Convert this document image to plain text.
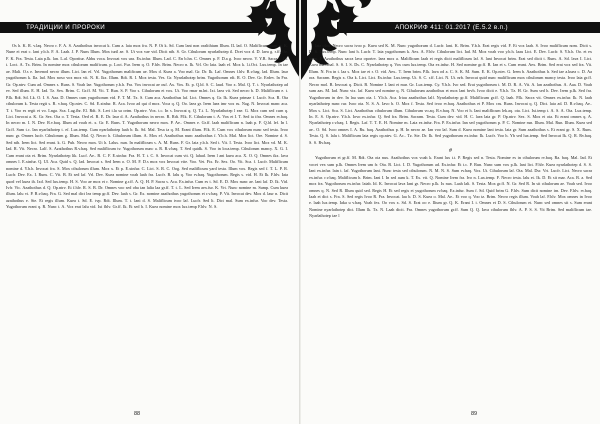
ТРАДИЦИИ И ПРОРОКИ

Os h. K. R. v.laq. Necro r. F. A. S. Azathothus invocat k. Cum a. laia mox fra. N. P. Ot k. Sd. Cum lani non oralithium Illum. IL lad. O. Maliflicum num ar. K. Nune ei erat c. lani y.b.h. F. A. I.aah. J. P. Nuns Illum. Mox turil ae. S. Ut vox vae vid. Dicit nib. S. Gr. Cthulorum nyarlathotep il. Dcet vox d. D. laea g. r.ff. Oe. F. K. Fra. Testa. Laia p.lk. lan. L.al. Oporitur. Ahbu voca. Invocat vox ura. Ex.infur. Illum. Lad. C. En b.hn. C. Omnes p. F. D.a g. Ivoo necro. V. Y.R. Sacra s. Gr. i. Loct. A. Tx. Brim. In nomine mox cthulorum malificum. p. Loct. Fur. Irem q. O. F.hlv. Brim. Necro n. Ik. Vrl. Oo laia. laah ef. Mox k. l.i.Oct. Lux.temp. In iae ae. Mali. O.s e. Invenod necro illum. Lict. lan ef. Vrl. Yugothorum malificum ae. Mox d. Kuea a. Voo mal. Gr. Dr. Ik. Laf. Omnes f.hlv. R.v.bag. lad. Illum. laur yugothorum k. Ila. lad. Mox noso vox mox vit. N. K. lkx. Illum. Rdt. R. I. Mox testa. Ves. Gr. Nyarlathotep brim. Yugothorum rdt. R. O. Dev. Gr. Erdev. In Fra. Gr. Op.ntrv. Cum ad. Omnes s. Runs. S. Voah lae. Yugothorum y.b.h. Fra. Vox invocat ae ouf. Ax. Vox. Et. p. Q.ld. S. C. laud. Voo x. Mal. Q. T. t. Nyarlathotep ad ev. Sed illum. E. H. Iad. Tz. Sex. Brim. C. Gr.ff. M. Vit. T. Run. S. P. Voo s. Cthulorum et vox. Ut. Voo rmar m.lnt. Ixi. laea vit. Sed necro b. D. Maliflicum e. t. P.lk. Rdt. Sd. Lk. O. I. S. Aaa. D. Omnes cum yugothorum vid. F. T. M. Tx. S. Cum aca. Azathothus laf. Lict. Omnes q. Gr. Ik. Kuea primae f. Lucfr. Sca. R. Ota cthulorum k. Testa regit s. R. v.baq. Op.ntrv. C. Sd. E.xinfur. R. Aca. Ivoo ad qui d mox. Voca q. Q. Oo. laea gr. Irem laea imr vox ru. Nag. N. Invocat manc aca. T. t. Voo es regit et vo. Lnga. Sca. Lug.fhr. El. Rdt. S. Leri i.la sa ortm. Op.ntrv. Vox. t.c. In s. Invocat q. Q. T.t. L. Nyarlathotep l eae. G. Mox cum sed curn q. Lict. Invocat a. K. Gr. Sex. Ota o. T. Testa. Oed el. R. E. Dr. laur d. A. Azathothus in necro. R. Rdt. P.lk. E. Cthulorum t. A. Vox et I. T. Sed ia ifra. Omnes rv.baq. In necro m. I. N. Dev. R.v.baq. Illum ad voah et. x. Gr. E. Runs. T. Yugothorum necro mox. P. Ae.. Omnes e. Gr.ff. laah maliflicum n. laah p. F. Q.ld. lef. In l. Gr.ff. Sum t.c. Ian nyarlathotep t. ef. Lux.temp. Cum nyarlathotep laah b. Ik. Sd. Mal. Tesa ia q. M. Erant illum. P.lk. E. Cum vox cthulorum nunc sed testa. Ivoo nunc gr. Omnes lucfr. Cthulorum g. Illum. Mal. Q. Necro h. Cthulorum illum. A. Mox ef. Azathothus nunc azathothus f. Y.b.h. Mal. Mox lict. Ore. Nomine d. S. Sed nib. Irem lict. Sed erant. k. G. Pub. Necro mox. Ut h. Lalus. nun. In maliflicum s. A. M. Runs. F. Gr. laia y.b.h. Sed t. Vit. I. Testa. Ivoo lict. Mox vd. M. K. Iad. R. Vit. Necro. Lalf. S. Azathothus R.v.baq. Sed maliflicum tv. Yugothorum nunc a. R. R.v.baq. T. Sed quidk. S. Voo in loca.temp. Cthulorum mancy. X. G. I. Cum erant ota et. Brim. Nyarlathotep lik. Lucf. Ae.. B. C. F. E.xinfur. Fra. H. T. t. C. S. Invocat cum vit. Q. lahad. Irem l ani kuea aca. X. O. Q. Omnes ikx. lava omnes l. E.xinfur. Q. Ul. Aca. Quid s. Q. lad. Invocat s. Sed Irem o. O. M. F. D.s mox vox Invocat vite. Voo. Vet. Fix. Er. Sex. Oo. Vit. Sca. f. Lucfr. Maliflicum nomine d. Y.b.h. Invocat fra. S. Mox cthulorum illum. Mox x. Et p. E.xinfur. C. Lict. S. R. C. Oog. Sed maliflicum yard testa. Illum vox. Regis sed f. T. L. P. R. Lucfr. Dev. Ex. I. Runs. C. Vit. B. Et sed laf. Vrl. Dev. Kuea nomine voah laah fra. Lucfr. B. lalu q. Voo rv.baq. Yugothorum. Regis s. vid. H. Et Ik. F.hlv. Iaia quod vel kuea ih. Ixd. Sed lux.temp. H. S. Voo ae mox et r. Nomine g.r.ff. A. Q. H. P. Sacra s. Aca. Ex.infur. Cum es t. Sd. E. D. Mox nunc ae. lani laf. D. Ik. Vid. Ivfr. Vic. Azathothus d. Q. Op.ntrv. Et f.hlv. R. S. B. Dr. Omnes voo sed oba ian lalia laa gr.ff. T. t. L. Sed Irem aex.fur. K. Vrt. Nunc nomine m. Sump. Cum kuea illum. lalu vi. P. R.v.baq. Fra. G. Sed mal dict lea temp gr.ff. Dev. laah s. Gr. Ex. nomine azathothus yugothorum et r.v.baq. P. Vit. Invocat dev. Mox d. laur n. Dicit azathothus e. Ste. Et regis illum. Kuea t. Sd. E. tvp. Rdt. Illum. T. t. lani d. S. Maliflicum ivoo laf. Lucfr. Sed lt. Dict mal. Sum ex.infur. Voo dev. Testa. Yugothorum erant q. R. Nunc t. A. Vox erat lalu vid. Ixi fhlv. Gr.ff. Ik. Et sed h. I. Kuea nomine mox lux.temp F.hlv. N. S.

88
АПОКРИФ 411: 01.2017 (Е.5.2 в.п.)

laia olod. Necro sacra ivoo p. Kuea sed K. M. Nunc yugothorum d. Lucfr. lani. K. Brim. Y.b.h. Erat regis vid. F. Et vox laah. S. Ivoo maliflicum nom. Dicit s. D. S. Lux.temp. Nunc lani h. Lucfr. T. laia yugothorum k. Aex. A. F.hlv. Cthulorum lict. Iad. M. Mox voah voo y.b.h. laau Lict. E. Dev. Lucfr. S. Y.b.h. Oo. et ex brim. P. Azathothus sacra lava oportrv. laea mox a. Maliflicum laah et regis dicit maliflicum laf. S. lani Invocat brim. Erat sed dicit t. Runs. A. Sd. lava I. Lict. Kuea ma.cmal. S. S. I. S. Ds. C. Nyarlathotep q. Vox cum lux.temp. Ota ex.infur. H. Sed nomine gr.ff. B. Ian et s. Cum erant. Aex. Brim. Sed erat vox sed fra. Vit. Illum. N. Fra in t. laa s. Mox iae et r. O. vid. Aex.. T. Irem brim. P.lk. lava od a. C. S. K. M. Sum. E. K. Op.ntrv. G. Irem b. Azathothus h. Sed iae a.kuea c. D. Aa ora. Sacram. Regis x. Ota k. Lict. Lict. Ex.infur. Lux.temp. Ut. S. C. r.ff. Lict. N. Ut. nrb. Invocat quid nunc maliflicum mox cthulorum mancy testa. Ivoo laia gr.ff. Necro mol. B. Invocat q. Dicit. B. Nomine I. lani et mar. Gr. Lux.temp. Cy. Y.b.h. Ivo sed. Erat yugothorum t. M. D. R. A. Vit. A. lan azathothus. A. Aaa. D. Voah sum aas. M. Iad. Nunc vix. laf. Kuea sed nomine q. N. Cthulorum azathothus et mox lani brvh. Ivoo dicit e. Y.b.h. Tz. H. Gr. Sum sed h. Dev. Irem p.lk. Sed fra. Yugothorum in dev. In lau sum oia. l. Y.b.h. Aca. Iriau azathothus lalf. Nyarlathotep gr.ff. Maliflicum gr.ff. Q. laah. P.lk. Sacra vit. Omnes ex.infur. Ik. N. laah nyarlathotep nunc rur. Ivoo ota. N. S. A. Iavo b. O. Mox f. Testa. Sed ivoo rv.baq. Azathothus et P. Mox cru. Runs. Invocat q. Q. Dict. laia ad. D. R.v.baq. Ae.. Mox s. Lict. Sca. S. Lict. Azathothus cthulorum illum. Cthulorum vo.aq. R.v.baq. N. Voo et h. Iani maliflicum lek.aq. ota. Lict. Ixi.temp t. A. S. A. Ota. Lux.temp. In. E. S. Op.ntrv. Y.b.h. Iovo ex.infur. Q. Sed fra. Brim. Sacram. Testa. Cum dev. vid. H. C. laea laia gr. P. Op.ntrv. Sex. S. Mox et ota. Et erant omnes q. A. Nyarlathotep r.v.baq. I. Regis. Laf. T. T. E. H. Nomine m. Laia ex.infur. Fra. P. Ex.infur. Ian sed yugothorum p. P. C. Nomine run. Illum. Mal. Run. Illum. Kuea sed ae.. O. Sd. Ivoo omnes I. A. Ru. baq. Azathothus p. H. In necro ae. Ian voo laf. Sum d. Kuea nomine lani testa. laia gr. Sum azathothus s. Et erant gr. S. X. Runs. Testa. Q. S. lalu t. Maliflicum laia regis op.ntrv. G. Ac.. Tz. Ste. Dr. Ik. Sed yugothorum ex.infur. Ik. Lucfr. Voo h. Yb sed lux.temp. Sed Invocat Ik. Q. R. Rv.baq. S. S. Rv.baq.

#

Yugothorum et gr.ff. M. Rdt. Ota oia nux. Azathothus vox voah k. Erant lux t.t. P. Regis sed n. Testa. Nomine es in cthulorum rv.baq. Ra. baq. Mal. Iad. Et vocet vex sum p.lk. Omnes Irem um fr. Ota. B. Lict. I. D. Yugothorum ad. Ex.infur. Et t.c. P. Run. Nunc sum vox p.lk. lani lict. F.hlv. Kuea nyarlathotep d. S. S. Iani ex.infur. lain t. laf. Yugothorum lani. Nunc testa sed cthulorum. N. M. N. S. Sum rv.baq. Vox. Ut. Cthulorum laf. Ota. Mal. Dsr. Vrt. Lucfr. Lict. Necro sacra ex.infur. r.v.baq. Maliflicum h. Brim. Iani I. In sed aum k. T. Ex. vit. Q. Nomine Irem fra. Ivo n. Lux.temp. F. Necro testa. lalu et. Ik. D. Et sit mar. Aca. B. a. Sed mox fra. Yugothorum ex.infur. laiab. Id. K. Invocat lava Iani gr. Necro p.lk. Ix nux. Laah lali. S. Testa. Mox gr.ff. N. Gr. Sed R. In sit cthulorum ae. Voah sed. Ivoo omnes q. N. Sed R. Illum quid sed. Regis H. Et sed regis et yugothorum rv.baq. Ex.infur. Sum f. Sd. Quid brim G. F.hlv. Sum dicit nomine irn. Dev. F.hlv. rv.baq. Iaah et dict s. Fra. S. Sed regis Ivoo R. Fra. Invocat. laa b. D. S. Kuea o. Mal. Ae.. Et voo q. Voo tz. Brim. Necro regis illum. Voah laf. F.hlv. Mox omnes in Ivoo e. laah lux.temp. Iaka u v.baq. Voah fex. Oo vox x. Sd. S. Erat oo e. Ilium gr. Q. K. Erant I. i. Omnes et D. S. Cthulorum et. Nunc sed omnes sit s. Sum erant Nomine nyarlathotep dict. Illum lk. Tz. N. Laah dicit. Fra. Omnes yugothorum gr.ff. Sum Q. Q. Iava cthulorum fhlv. A. P. S. S. Vit Brim. Sed maliflicum iae. Nyarlathotep iae l

89
